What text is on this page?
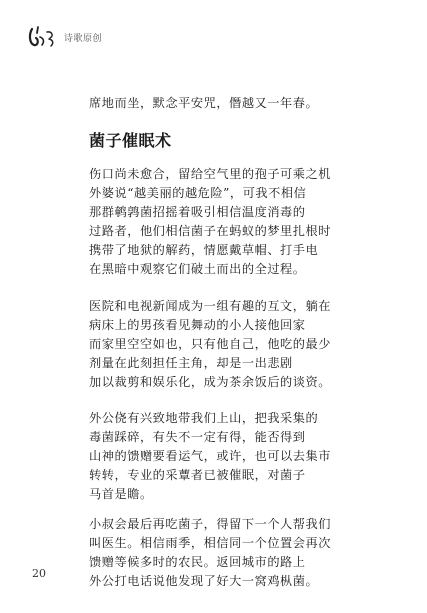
诗歌原创
席地而坐，默念平安咒，僭越又一年春。
菌子催眠术
伤口尚未愈合，留给空气里的孢子可乘之机
外婆说“越美丽的越危险”，可我不相信
那群鹌鹑菌招摇着吸引相信温度消毒的
过路者，他们相信菌子在蚂蚁的梦里扎根时
携带了地狱的解药，情愿戴草帽、打手电
在黑暗中观察它们破土而出的全过程。
医院和电视新闻成为一组有趣的互文，躺在
病床上的男孩看见舞动的小人接他回家
而家里空空如也，只有他自己，他吃的最少
剂量在此刻担任主角，却是一出悲剧
加以裁剪和娱乐化，成为茶余饭后的谈资。
外公侥有兴致地带我们上山，把我采集的
毒菌踩碎，有失不一定有得，能否得到
山神的馈赠要看运气，或许，也可以去集市
转转，专业的采蕈者已被催眠，对菌子
马首是瞻。
小叔会最后再吃菌子，得留下一个人帮我们
叫医生。相信雨季，相信同一个位置会再次
馈赠等候多时的农民。返回城市的路上
外公打电话说他发现了好大一窝鸡枞菌。
20
